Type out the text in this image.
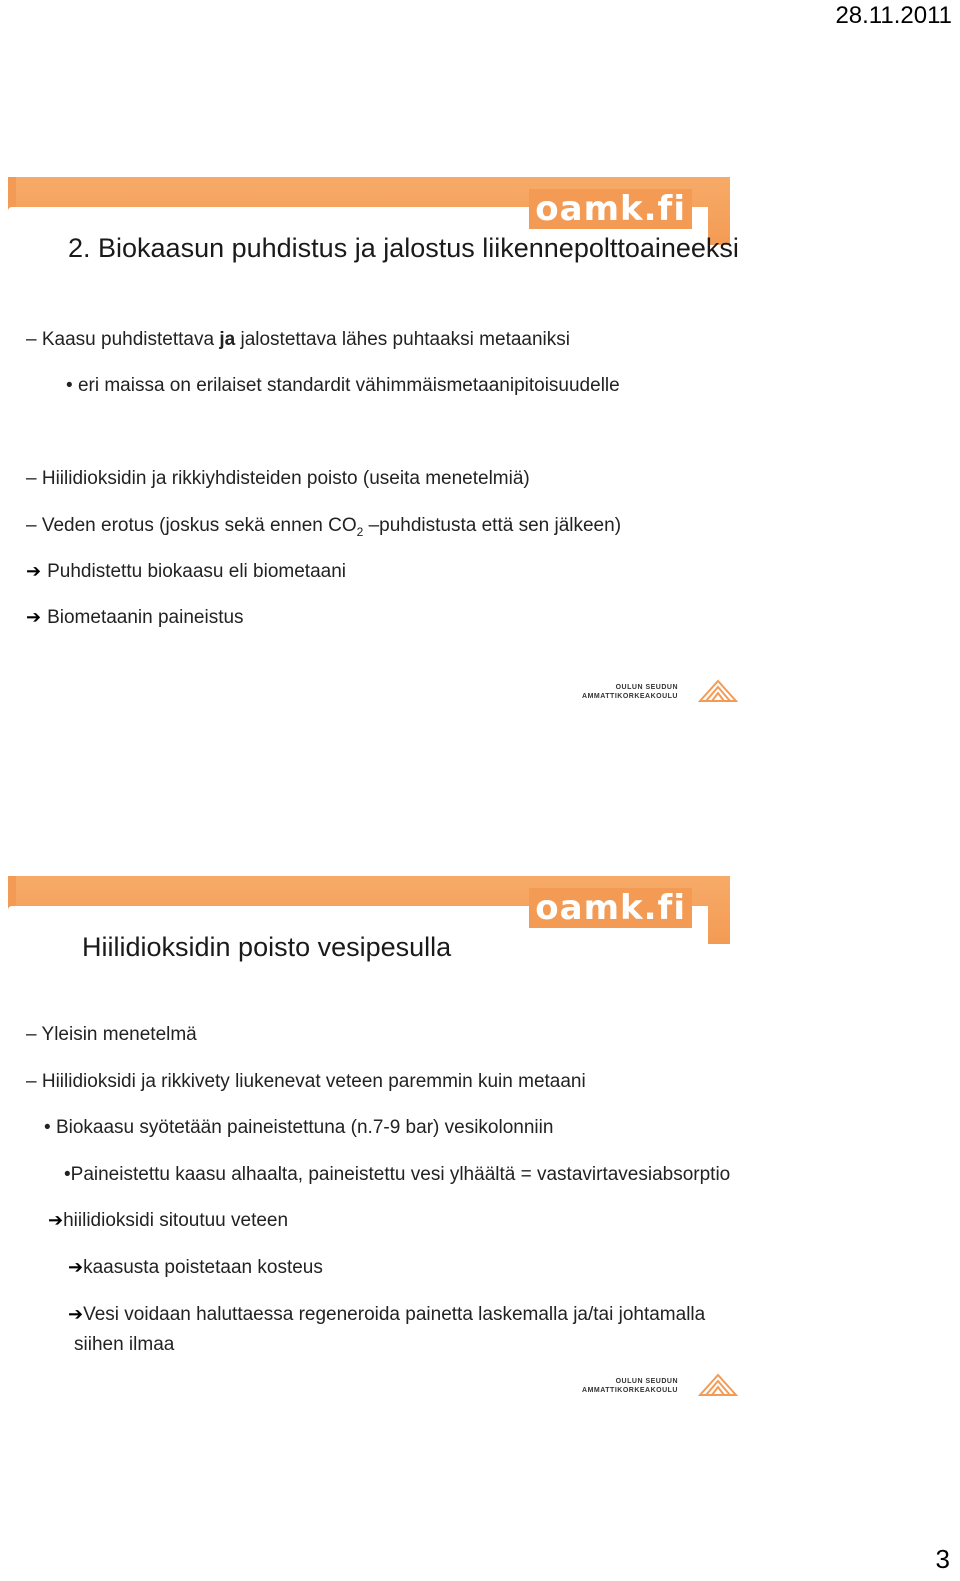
28.11.2011
oamk.fi
2. Biokaasun puhdistus ja jalostus liikennepolttoaineeksi
– Kaasu puhdistettava ja jalostettava lähes puhtaaksi metaaniksi
• eri maissa on erilaiset standardit vähimmäismetaanipitoisuudelle
– Hiilidioksidin ja rikkiyhdisteiden poisto (useita menetelmiä)
– Veden erotus (joskus sekä ennen $CO_2$ –puhdistusta että sen jälkeen)
➔ Puhdistettu biokaasu eli biometaani
➔ Biometaanin paineistus
OULUN SEUDUN
AMMATTIKORKEAKOULU
oamk.fi
Hiilidioksidin poisto vesipesulla
– Yleisin menetelmä
– Hiilidioksidi ja rikkivety liukenevat veteen paremmin kuin metaani
• Biokaasu syötetään paineistettuna (n.7-9 bar) vesikolonniin
•Paineistettu kaasu alhaalta, paineistettu vesi ylhäältä = vastavirtavesiabsorptio
➔hiilidioksidi sitoutuu veteen
➔kaasusta poistetaan kosteus
➔Vesi voidaan haluttaessa regeneroida painetta laskemalla ja/tai johtamalla
siihen ilmaa
OULUN SEUDUN
AMMATTIKORKEAKOULU
3
